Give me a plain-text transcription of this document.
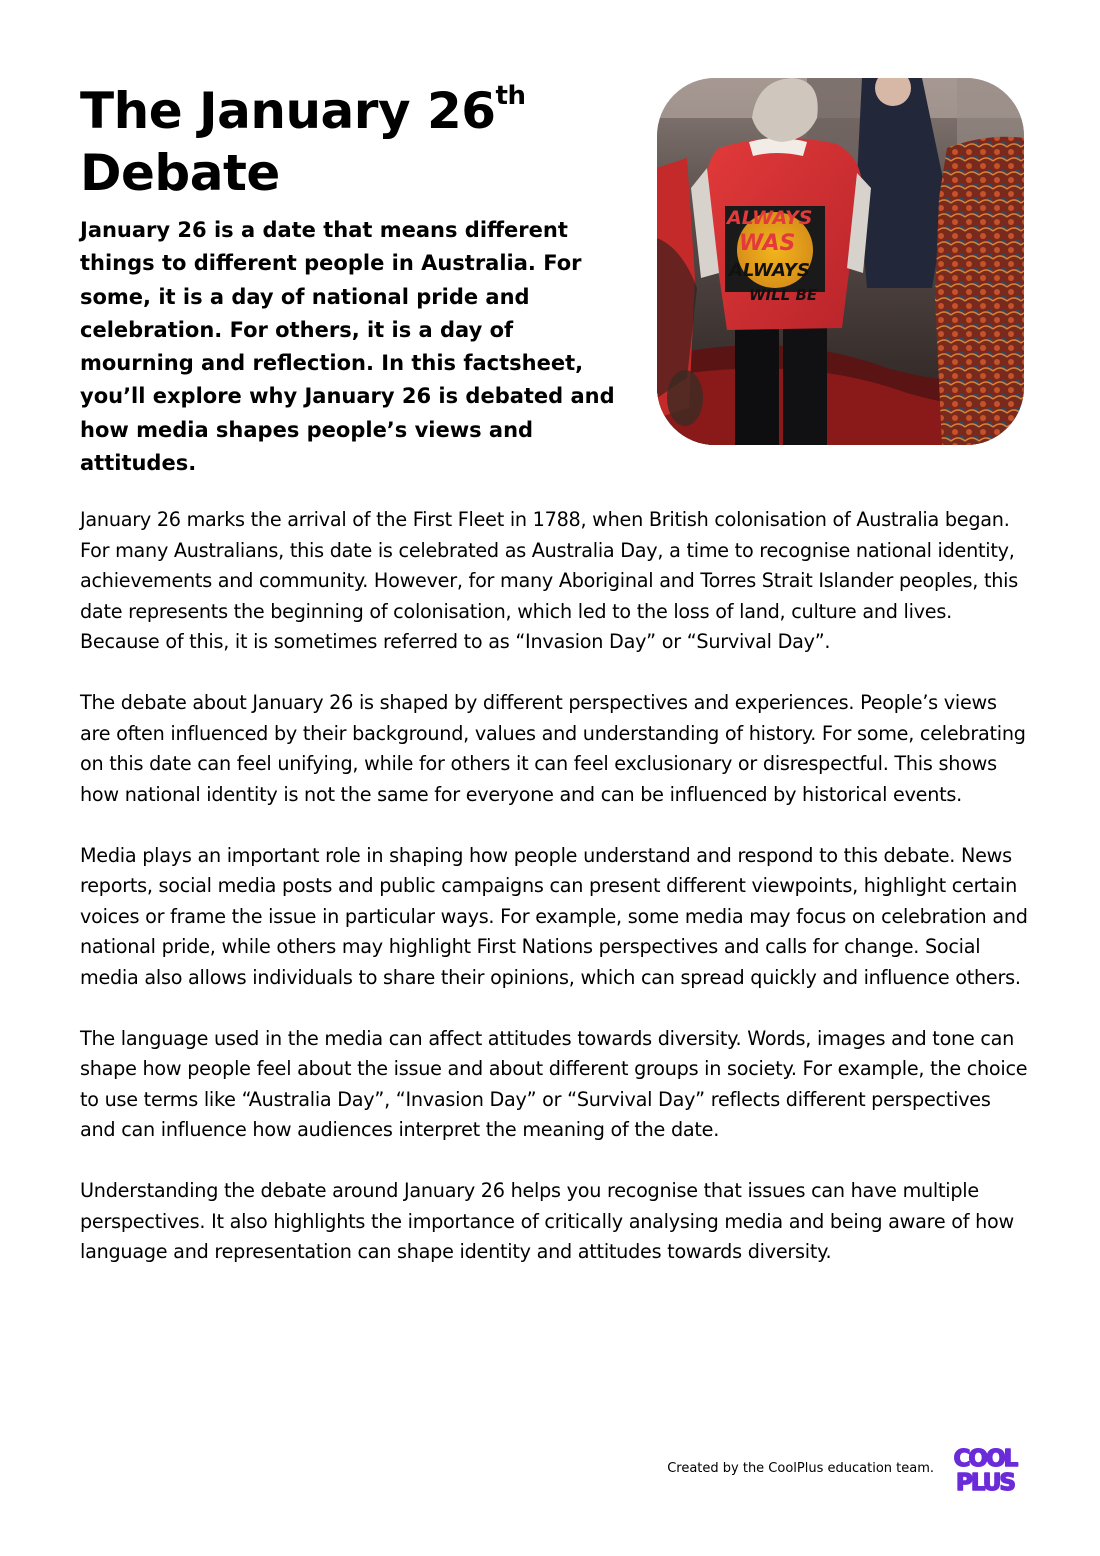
The January 26th
Debate

January 26 is a date that means different things to different people in Australia. For some, it is a day of national pride and celebration. For others, it is a day of mourning and reflection. In this factsheet, you’ll explore why January 26 is debated and how media shapes people’s views and attitudes.

ALWAYS
WAS
ALWAYS
WILL BE

January 26 marks the arrival of the First Fleet in 1788, when British colonisation of Australia began. For many Australians, this date is celebrated as Australia Day, a time to recognise national identity, achievements and community. However, for many Aboriginal and Torres Strait Islander peoples, this date represents the beginning of colonisation, which led to the loss of land, culture and lives. Because of this, it is sometimes referred to as “Invasion Day” or “Survival Day”.

The debate about January 26 is shaped by different perspectives and experiences. People’s views are often influenced by their background, values and understanding of history. For some, celebrating on this date can feel unifying, while for others it can feel exclusionary or disrespectful. This shows how national identity is not the same for everyone and can be influenced by historical events.

Media plays an important role in shaping how people understand and respond to this debate. News reports, social media posts and public campaigns can present different viewpoints, highlight certain voices or frame the issue in particular ways. For example, some media may focus on celebration and national pride, while others may highlight First Nations perspectives and calls for change. Social media also allows individuals to share their opinions, which can spread quickly and influence others.

The language used in the media can affect attitudes towards diversity. Words, images and tone can shape how people feel about the issue and about different groups in society. For example, the choice to use terms like “Australia Day”, “Invasion Day” or “Survival Day” reflects different perspectives and can influence how audiences interpret the meaning of the date.

Understanding the debate around January 26 helps you recognise that issues can have multiple perspectives. It also highlights the importance of critically analysing media and being aware of how language and representation can shape identity and attitudes towards diversity.

Created by the CoolPlus education team. COOL
PLUS
